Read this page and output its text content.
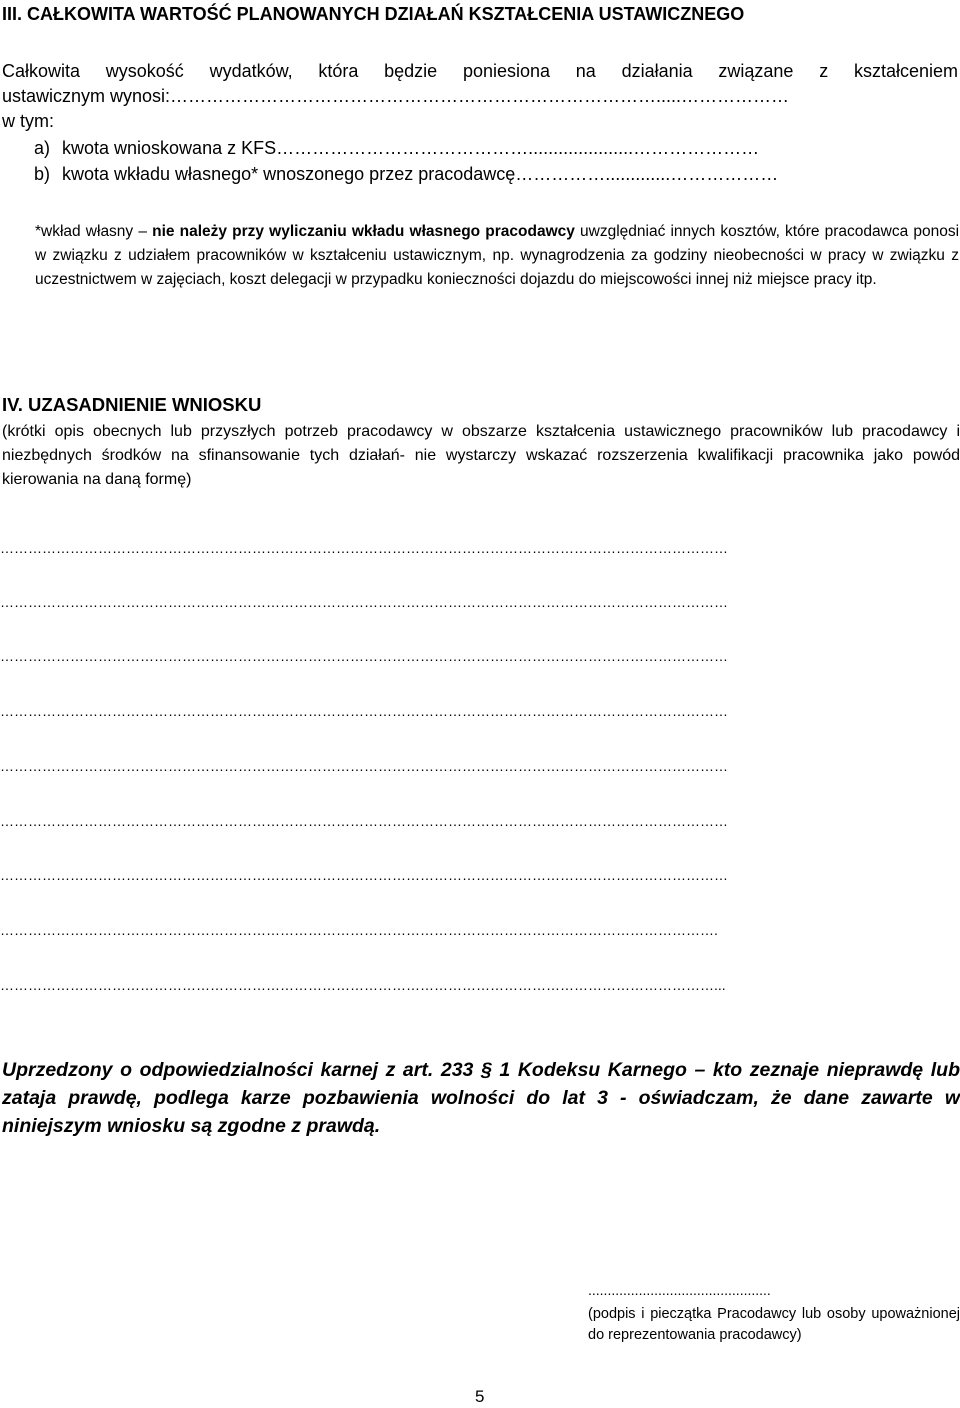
III. CAŁKOWITA WARTOŚĆ PLANOWANYCH DZIAŁAŃ KSZTAŁCENIA USTAWICZNEGO
Całkowita wysokość wydatków, która będzie poniesiona na działania związane z kształceniem
ustawicznym wynosi:……………………………………………………………………….....………………
w tym:
a) kwota wnioskowana z KFS…………………………………….....................…………………
b) kwota wkładu własnego* wnoszonego przez pracodawcę…………….............………………
*wkład własny – nie należy przy wyliczaniu wkładu własnego pracodawcy uwzględniać innych kosztów, które pracodawca ponosi w związku z udziałem pracowników w kształceniu ustawicznym, np. wynagrodzenia za godziny nieobecności w pracy w związku z uczestnictwem w zajęciach, koszt delegacji w przypadku konieczności dojazdu do miejscowości innej niż miejsce pracy itp.
IV. UZASADNIENIE WNIOSKU
(krótki opis obecnych lub przyszłych potrzeb pracodawcy w obszarze kształcenia ustawicznego pracowników lub pracodawcy i niezbędnych środków na sfinansowanie tych działań- nie wystarczy wskazać rozszerzenia kwalifikacji pracownika jako powód kierowania na daną formę)
…………………………………………………………………………………………………………………………………………
…………………………………………………………………………………………………………………………………………
…………………………………………………………………………………………………………………………………………
…………………………………………………………………………………………………………………………………………
…………………………………………………………………………………………………………………………………………
…………………………………………………………………………………………………………………………………………
…………………………………………………………………………………………………………………………………………
……………………………………………………………………………………………………………………………………….
………………………………………………………………………………………………………………………………………...
Uprzedzony o odpowiedzialności karnej z art. 233 § 1 Kodeksu Karnego – kto zeznaje nieprawdę lub zataja prawdę, podlega karze pozbawienia wolności do lat 3 - oświadczam, że dane zawarte w niniejszym wniosku są zgodne z prawdą.
...............................................
(podpis i pieczątka Pracodawcy lub osoby upoważnionej do reprezentowania pracodawcy)
5
